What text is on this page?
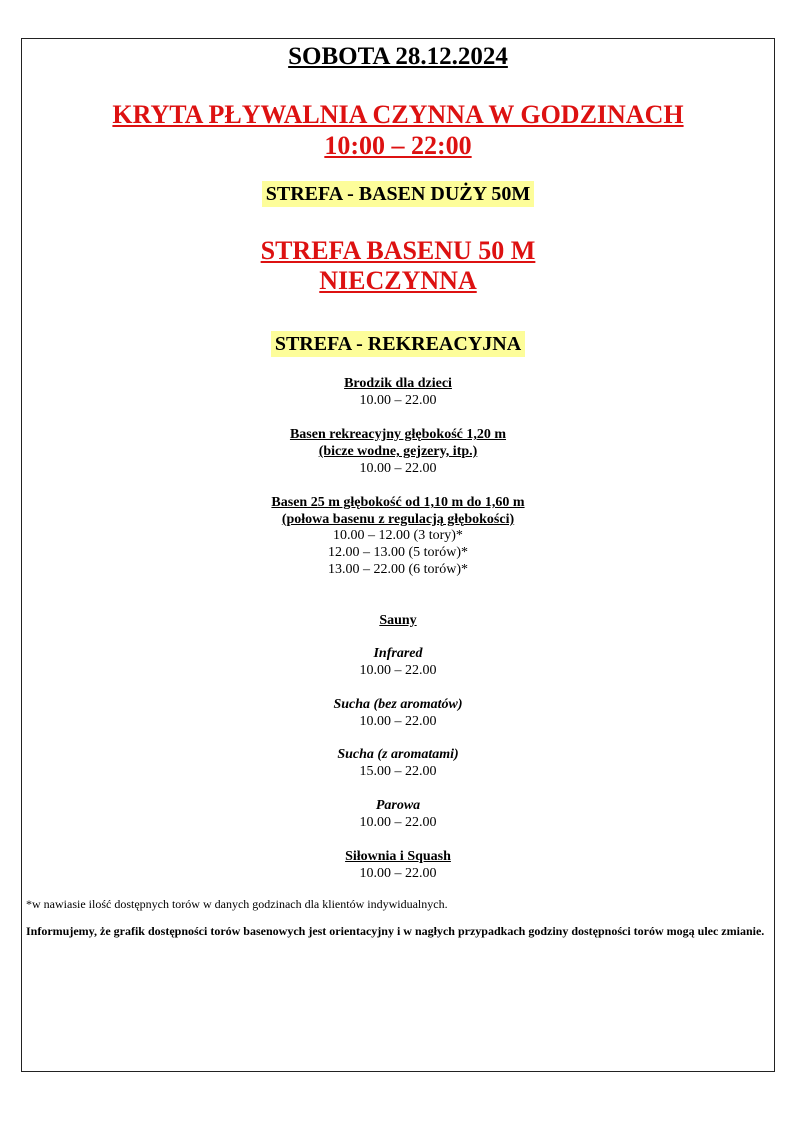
SOBOTA 28.12.2024
KRYTA PŁYWALNIA CZYNNA W GODZINACH
10:00 – 22:00
STREFA - BASEN DUŻY 50M
STREFA BASENU 50 M
NIECZYNNA
STREFA - REKREACYJNA
Brodzik dla dzieci
10.00 – 22.00
Basen rekreacyjny głębokość 1,20 m
(bicze wodne, gejzery, itp.)
10.00 – 22.00
Basen 25 m głębokość od 1,10 m do 1,60 m
(połowa basenu z regulacją głębokości)
10.00 – 12.00 (3 tory)*
12.00 – 13.00 (5 torów)*
13.00 – 22.00 (6 torów)*
Sauny
Infrared
10.00 – 22.00
Sucha (bez aromatów)
10.00 – 22.00
Sucha (z aromatami)
15.00 – 22.00
Parowa
10.00 – 22.00
Siłownia i Squash
10.00 – 22.00
*w nawiasie ilość dostępnych torów w danych godzinach dla klientów indywidualnych.
Informujemy, że grafik dostępności torów basenowych jest orientacyjny i w nagłych przypadkach godziny dostępności torów mogą ulec zmianie.
